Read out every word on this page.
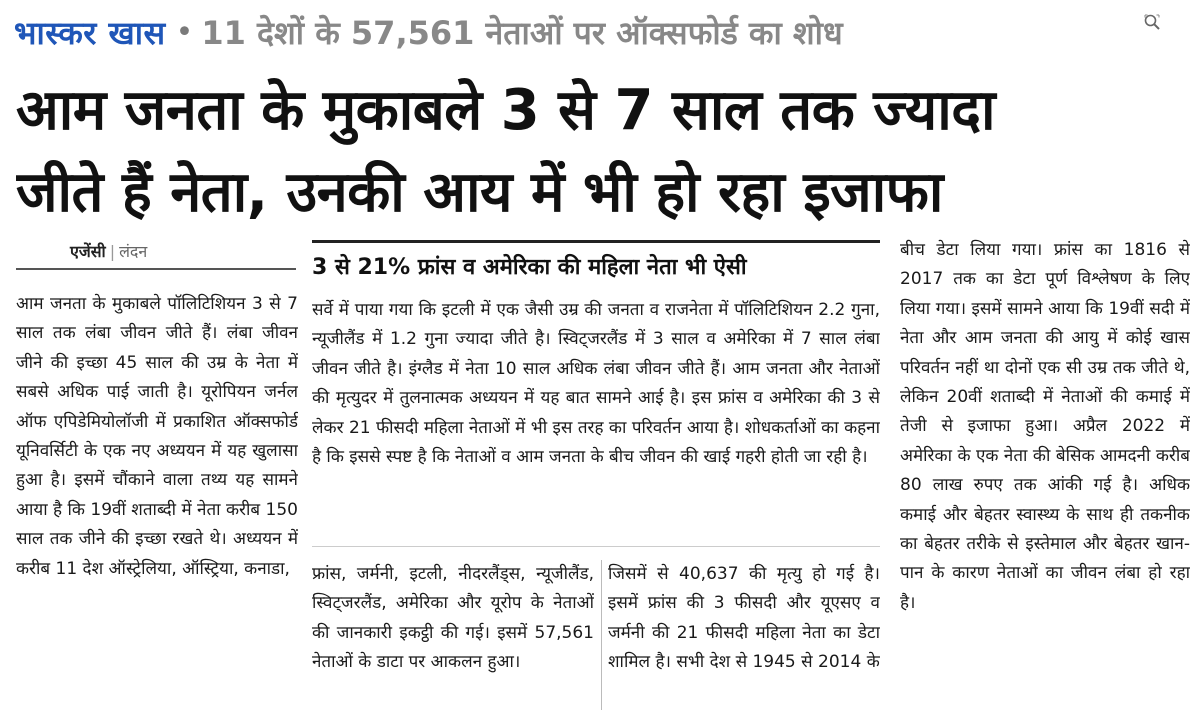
भास्कर खास • 11 देशों के 57,561 नेताओं पर ऑक्सफोर्ड का शोध
आम जनता के मुकाबले 3 से 7 साल तक ज्यादा
जीते हैं नेता, उनकी आय में भी हो रहा इजाफा
एजेंसी | लंदन

आम जनता के मुकाबले पॉलिटिशियन 3 से 7 साल तक लंबा जीवन जीते हैं। लंबा जीवन जीने की इच्छा 45 साल की उम्र के नेता में सबसे अधिक पाई जाती है। यूरोपियन जर्नल ऑफ एपिडेमियोलॉजी में प्रकाशित ऑक्सफोर्ड यूनिवर्सिटी के एक नए अध्ययन में यह खुलासा हुआ है। इसमें चौंकाने वाला तथ्य यह सामने आया है कि 19वीं शताब्दी में नेता करीब 150 साल तक जीने की इच्छा रखते थे। अध्ययन में करीब 11 देश ऑस्ट्रेलिया, ऑस्ट्रिया, कनाडा,

3 से 21% फ्रांस व अमेरिका की महिला नेता भी ऐसी

सर्वे में पाया गया कि इटली में एक जैसी उम्र की जनता व राजनेता में पॉलिटिशियन 2.2 गुना, न्यूजीलैंड में 1.2 गुना ज्यादा जीते है। स्विट्जरलैंड में 3 साल व अमेरिका में 7 साल लंबा जीवन जीते है। इंग्लैड में नेता 10 साल अधिक लंबा जीवन जीते हैं। आम जनता और नेताओं की मृत्युदर में तुलनात्मक अध्ययन में यह बात सामने आई है। इस फ्रांस व अमेरिका की 3 से लेकर 21 फीसदी महिला नेताओं में भी इस तरह का परिवर्तन आया है। शोधकर्ताओं का कहना है कि इससे स्पष्ट है कि नेताओं व आम जनता के बीच जीवन की खाई गहरी होती जा रही है।

फ्रांस, जर्मनी, इटली, नीदरलैंड्स, न्यूजीलैंड, स्विट्जरलैंड, अमेरिका और यूरोप के नेताओं की जानकारी इकट्ठी की गई। इसमें 57,561 नेताओं के डाटा पर आकलन हुआ।

जिसमें से 40,637 की मृत्यु हो गई है। इसमें फ्रांस की 3 फीसदी और यूएसए व जर्मनी की 21 फीसदी महिला नेता का डेटा शामिल है। सभी देश से 1945 से 2014 के

बीच डेटा लिया गया। फ्रांस का 1816 से 2017 तक का डेटा पूर्ण विश्लेषण के लिए लिया गया। इसमें सामने आया कि 19वीं सदी में नेता और आम जनता की आयु में कोई खास परिवर्तन नहीं था दोनों एक सी उम्र तक जीते थे, लेकिन 20वीं शताब्दी में नेताओं की कमाई में तेजी से इजाफा हुआ। अप्रैल 2022 में अमेरिका के एक नेता की बेसिक आमदनी करीब 80 लाख रुपए तक आंकी गई है। अधिक कमाई और बेहतर स्वास्थ्य के साथ ही तकनीक का बेहतर तरीके से इस्तेमाल और बेहतर खान-पान के कारण नेताओं का जीवन लंबा हो रहा है।
